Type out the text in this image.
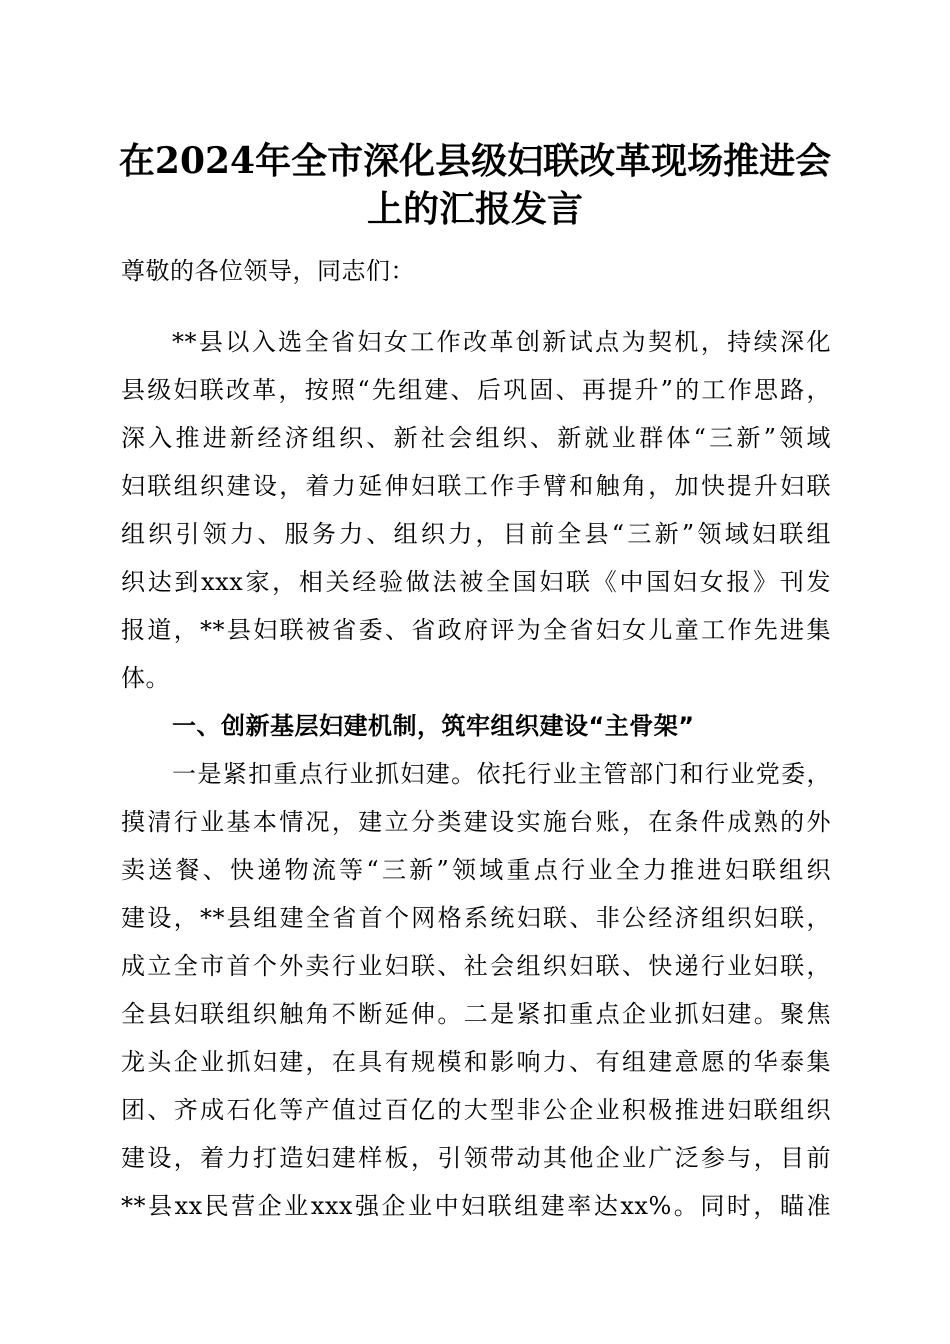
在2024年全市深化县级妇联改革现场推进会
上的汇报发言
尊敬的各位领导，同志们：
**县以入选全省妇女工作改革创新试点为契机，持续深化
县级妇联改革，按照“先组建、后巩固、再提升”的工作思路，
深入推进新经济组织、新社会组织、新就业群体“三新”领域
妇联组织建设，着力延伸妇联工作手臂和触角，加快提升妇联
组织引领力、服务力、组织力，目前全县“三新”领域妇联组
织达到xxx家，相关经验做法被全国妇联《中国妇女报》刊发
报道，**县妇联被省委、省政府评为全省妇女儿童工作先进集
体。
一、创新基层妇建机制，筑牢组织建设“主骨架”
一是紧扣重点行业抓妇建。依托行业主管部门和行业党委，
摸清行业基本情况，建立分类建设实施台账，在条件成熟的外
卖送餐、快递物流等“三新”领域重点行业全力推进妇联组织
建设，**县组建全省首个网格系统妇联、非公经济组织妇联，
成立全市首个外卖行业妇联、社会组织妇联、快递行业妇联，
全县妇联组织触角不断延伸。二是紧扣重点企业抓妇建。聚焦
龙头企业抓妇建，在具有规模和影响力、有组建意愿的华泰集
团、齐成石化等产值过百亿的大型非公企业积极推进妇联组织
建设，着力打造妇建样板，引领带动其他企业广泛参与，目前
**县xx民营企业xxx强企业中妇联组建率达xx%。同时，瞄准
